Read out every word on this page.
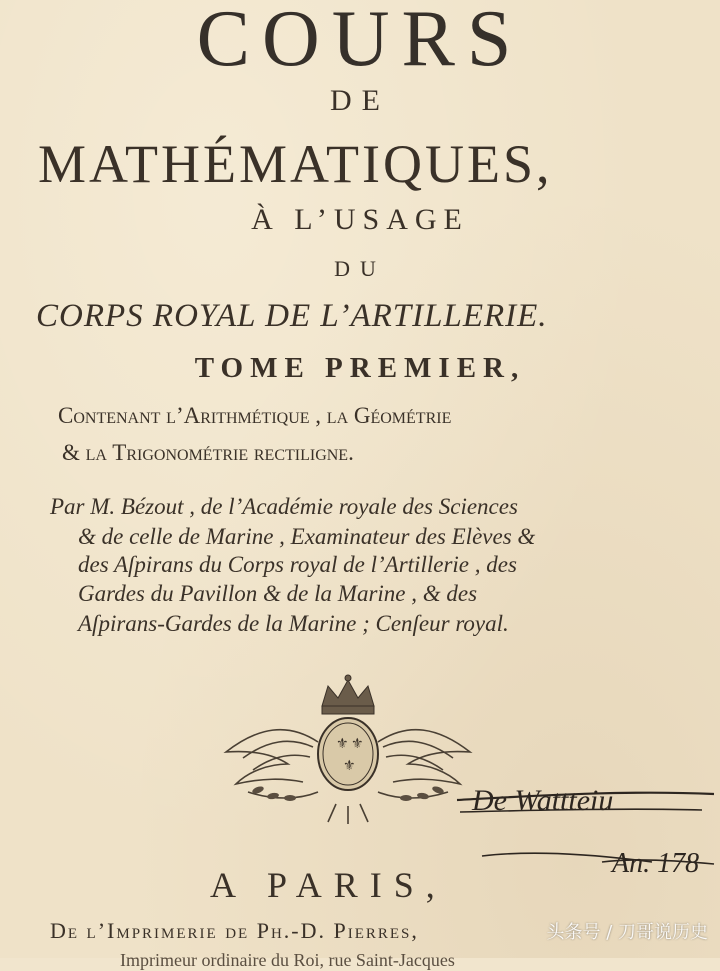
COURS
DE
MATHÉMATIQUES,
À L’USAGE
DU
CORPS ROYAL DE L’ARTILLERIE.
TOME PREMIER,
Contenant l’Arithmétique , la Géométrie
& la Trigonométrie rectiligne.
Par M. Bézout , de l’Académie royale des Sciences
& de celle de Marine , Examinateur des Elèves &
des Aſpirans du Corps royal de l’Artillerie , des
Gardes du Pavillon & de la Marine , & des
Aſpirans-Gardes de la Marine ; Cenſeur royal.
⚜ ⚜
⚜
De Wattteiu
An. 178
A PARIS,
De l’Imprimerie de Ph.-D. Pierres,
Imprimeur ordinaire du Roi, rue Saint-Jacques
头条号 / 刀哥说历史
